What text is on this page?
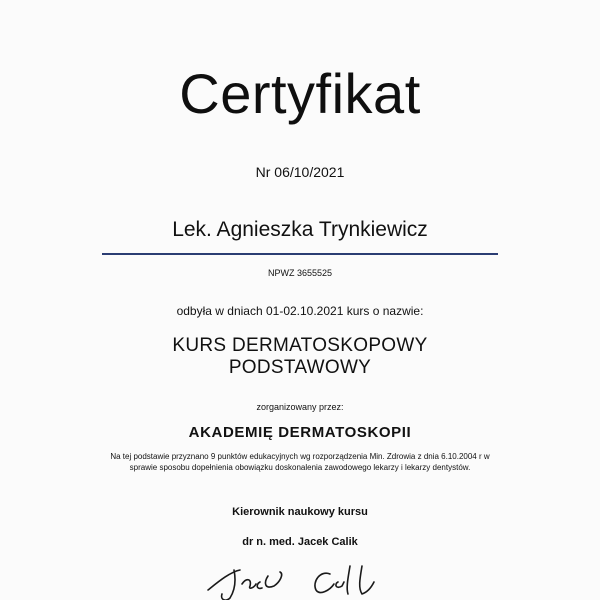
Certyfikat
Nr 06/10/2021
Lek. Agnieszka Trynkiewicz
NPWZ 3655525
odbyła w dniach 01-02.10.2021 kurs o nazwie:
KURS DERMATOSKOPOWY
PODSTAWOWY
zorganizowany przez:
AKADEMIĘ DERMATOSKOPII
Na tej podstawie przyznano 9 punktów edukacyjnych wg rozporządzenia Min. Zdrowia z dnia 6.10.2004 r w
sprawie sposobu dopełnienia obowiązku doskonalenia zawodowego lekarzy i lekarzy dentystów.
Kierownik naukowy kursu
dr n. med. Jacek Calik
